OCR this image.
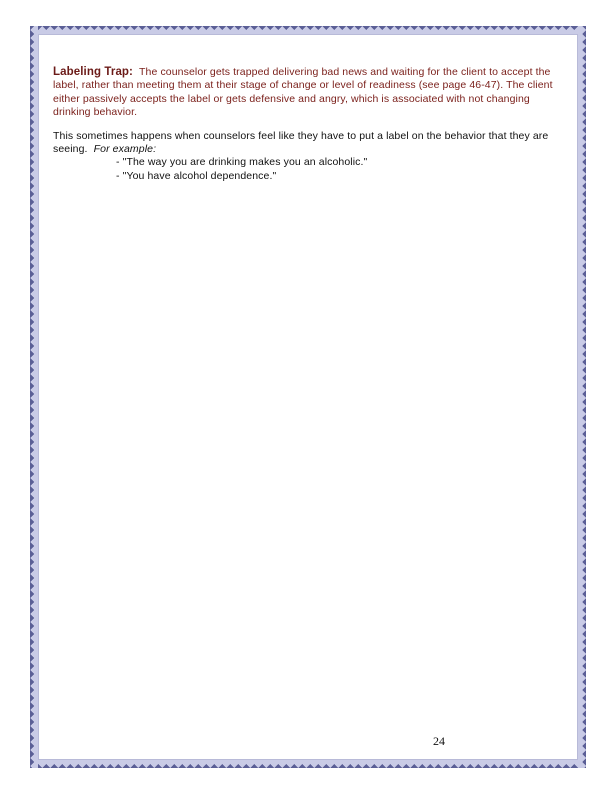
Labeling Trap: The counselor gets trapped delivering bad news and waiting for the client to accept the label, rather than meeting them at their stage of change or level of readiness (see page 46-47). The client either passively accepts the label or gets defensive and angry, which is associated with not changing drinking behavior.

This sometimes happens when counselors feel like they have to put a label on the behavior that they are seeing. For example:

- "The way you are drinking makes you an alcoholic."
- "You have alcohol dependence."
24
